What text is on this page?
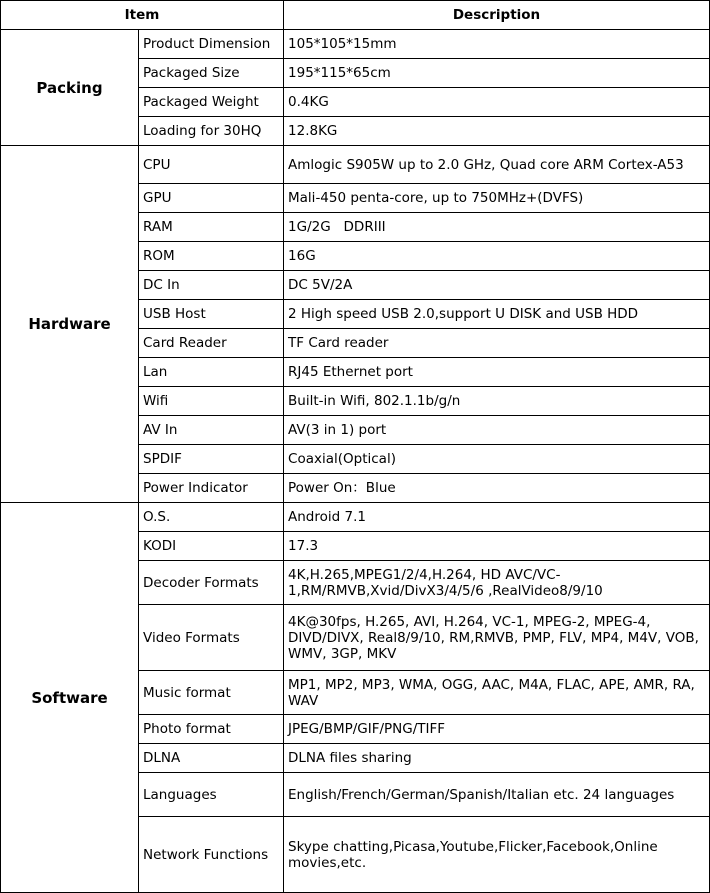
Item		Description
Packing	Product Dimension	105*105*15mm
	Packaged Size	195*115*65cm
	Packaged Weight	0.4KG
	Loading for 30HQ	12.8KG
Hardware	CPU	Amlogic S905W up to 2.0 GHz, Quad core ARM Cortex-A53
	GPU	Mali-450 penta-core, up to 750MHz+(DVFS)
	RAM	1G/2G   DDRIII
	ROM	16G
	DC In	DC 5V/2A
	USB Host	2 High speed USB 2.0,support U DISK and USB HDD
	Card Reader	TF Card reader
	Lan	RJ45 Ethernet port
	Wifi	Built-in Wifi, 802.1.1b/g/n
	AV In	AV(3 in 1) port
	SPDIF	Coaxial(Optical)
	Power Indicator	Power On：Blue
Software	O.S.	Android 7.1
	KODI	17.3
	Decoder Formats	4K,H.265,MPEG1/2/4,H.264, HD AVC/VC-1,RM/RMVB,Xvid/DivX3/4/5/6 ,RealVideo8/9/10
	Video Formats	4K@30fps, H.265, AVI, H.264, VC-1, MPEG-2, MPEG-4, DIVD/DIVX, Real8/9/10, RM,RMVB, PMP, FLV, MP4, M4V, VOB, WMV, 3GP, MKV
	Music format	MP1, MP2, MP3, WMA, OGG, AAC, M4A, FLAC, APE, AMR, RA, WAV
	Photo format	JPEG/BMP/GIF/PNG/TIFF
	DLNA	DLNA files sharing
	Languages	English/French/German/Spanish/Italian etc. 24 languages
	Network Functions	Skype chatting,Picasa,Youtube,Flicker,Facebook,Online movies,etc.
